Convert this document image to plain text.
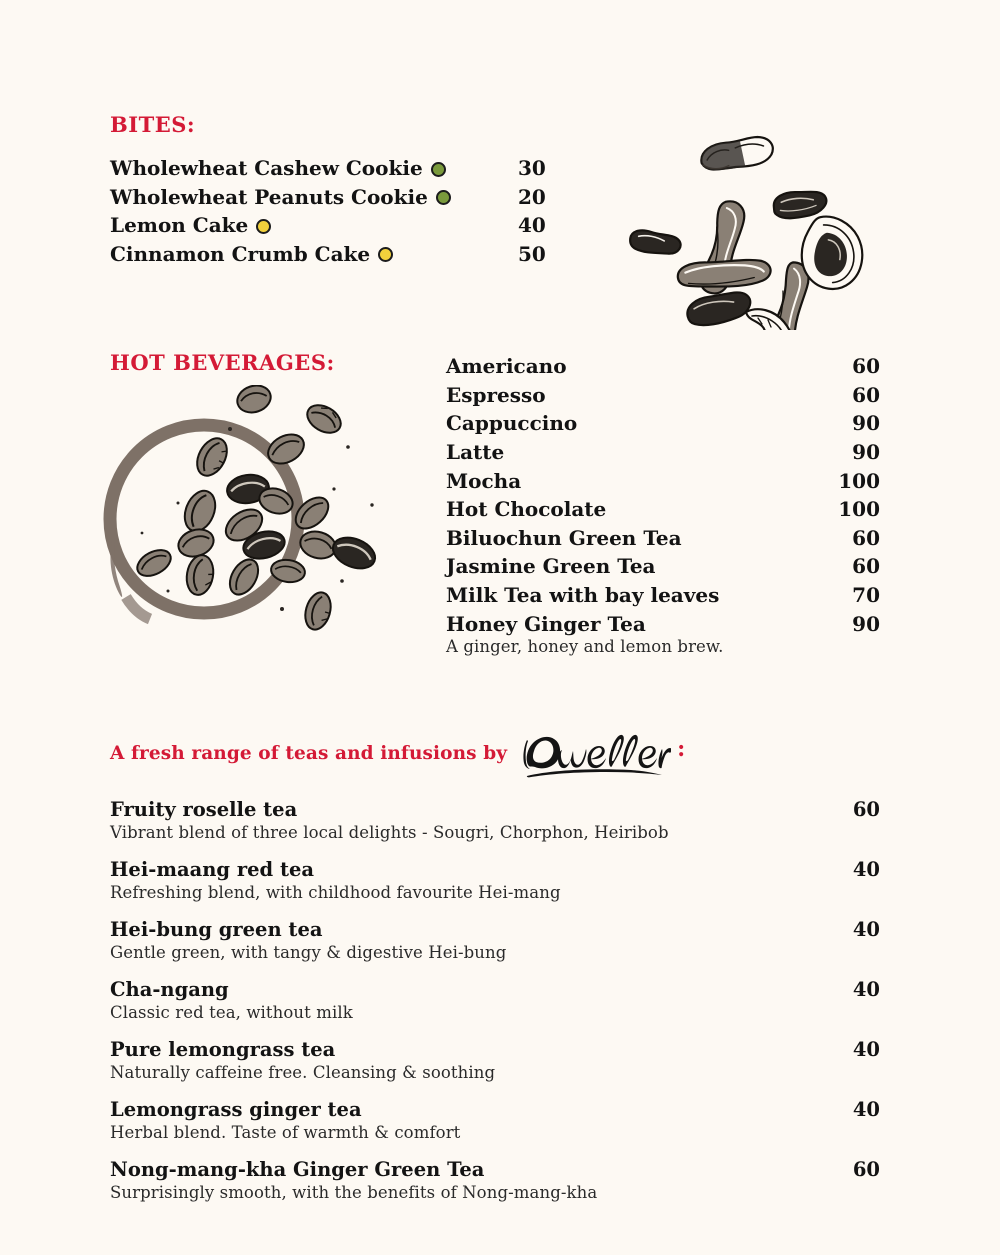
BITES:
Wholewheat Cashew Cookie	30
Wholewheat Peanuts Cookie	20
Lemon Cake	40
Cinnamon Crumb Cake	50
HOT BEVERAGES:	Americano	60
Espresso	60
Cappuccino	90
Latte	90
Mocha	100
Hot Chocolate	100
Biluochun Green Tea	60
Jasmine Green Tea	60
Milk Tea with bay leaves	70
Honey Ginger Tea	90
A ginger, honey and lemon brew.
A fresh range of teas and infusions by	:
Fruity roselle tea	60
Vibrant blend of three local delights - Sougri, Chorphon, Heiribob
Hei-maang red tea	40
Refreshing blend, with childhood favourite Hei-mang
Hei-bung green tea	40
Gentle green, with tangy & digestive Hei-bung
Cha-ngang	40
Classic red tea, without milk
Pure lemongrass tea	40
Naturally caffeine free. Cleansing & soothing
Lemongrass ginger tea	40
Herbal blend. Taste of warmth & comfort
Nong-mang-kha Ginger Green Tea	60
Surprisingly smooth, with the benefits of Nong-mang-kha
